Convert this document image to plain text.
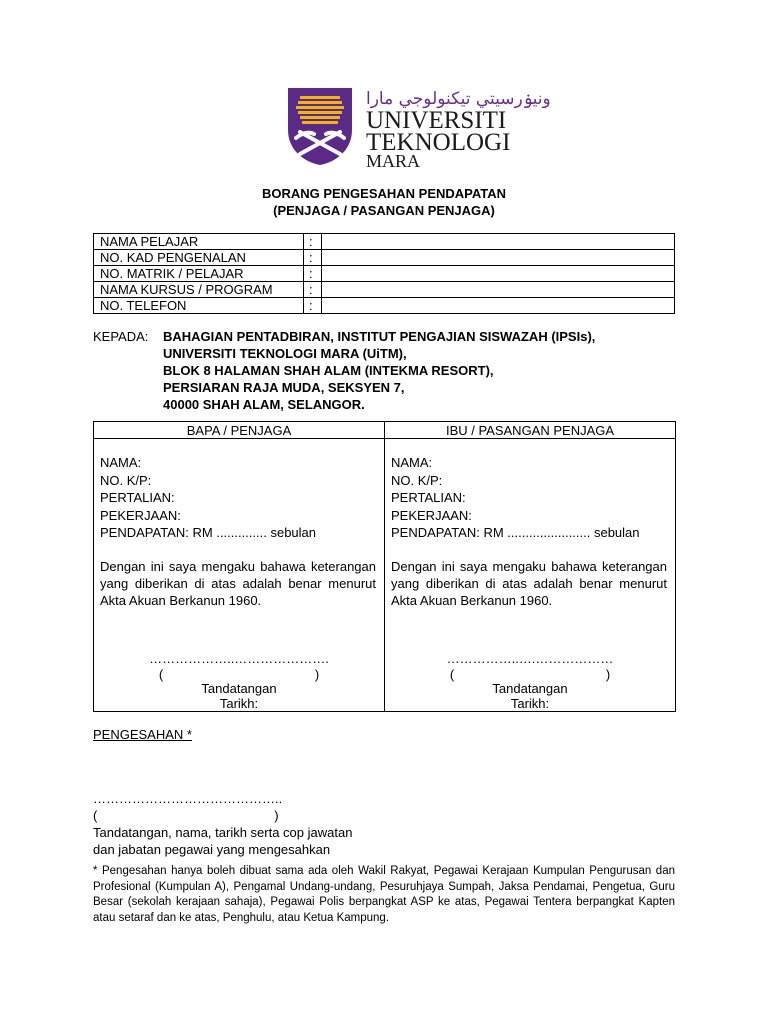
ونيۏرسيتي تيكنولوجي مارا
UNIVERSITI
TEKNOLOGI
MARA
BORANG PENGESAHAN PENDAPATAN
(PENJAGA / PASANGAN PENJAGA)
NAMA PELAJAR	:	
NO. KAD PENGENALAN	:	
NO. MATRIK / PELAJAR	:	
NAMA KURSUS / PROGRAM	:	
NO. TELEFON	:	
KEPADA: BAHAGIAN PENTADBIRAN, INSTITUT PENGAJIAN SISWAZAH (IPSIs),
UNIVERSITI TEKNOLOGI MARA (UiTM),
BLOK 8 HALAMAN SHAH ALAM (INTEKMA RESORT),
PERSIARAN RAJA MUDA, SEKSYEN 7,
40000 SHAH ALAM, SELANGOR.
BAPA / PENJAGA
NAMA:
NO. K/P:
PERTALIAN:
PEKERJAAN:
PENDAPATAN: RM .............. sebulan
Dengan ini saya mengaku bahawa keterangan yang diberikan di atas adalah benar menurut Akta Akuan Berkanun 1960.
………………..………………….
(                                          )
Tandatangan
Tarikh:
IBU / PASANGAN PENJAGA
NAMA:
NO. K/P:
PERTALIAN:
PEKERJAAN:
PENDAPATAN: RM ....................... sebulan
Dengan ini saya mengaku bahawa keterangan yang diberikan di atas adalah benar menurut Akta Akuan Berkanun 1960.
……………..….………………
(                                          )
Tandatangan
Tarikh:
PENGESAHAN *
……………………………………..
(                                                 )
Tandatangan, nama, tarikh serta cop jawatan
dan jabatan pegawai yang mengesahkan
* Pengesahan hanya boleh dibuat sama ada oleh Wakil Rakyat, Pegawai Kerajaan Kumpulan Pengurusan dan Profesional (Kumpulan A), Pengamal Undang-undang, Pesuruhjaya Sumpah, Jaksa Pendamai, Pengetua, Guru Besar (sekolah kerajaan sahaja), Pegawai Polis berpangkat ASP ke atas, Pegawai Tentera berpangkat Kapten atau setaraf dan ke atas, Penghulu, atau Ketua Kampung.
